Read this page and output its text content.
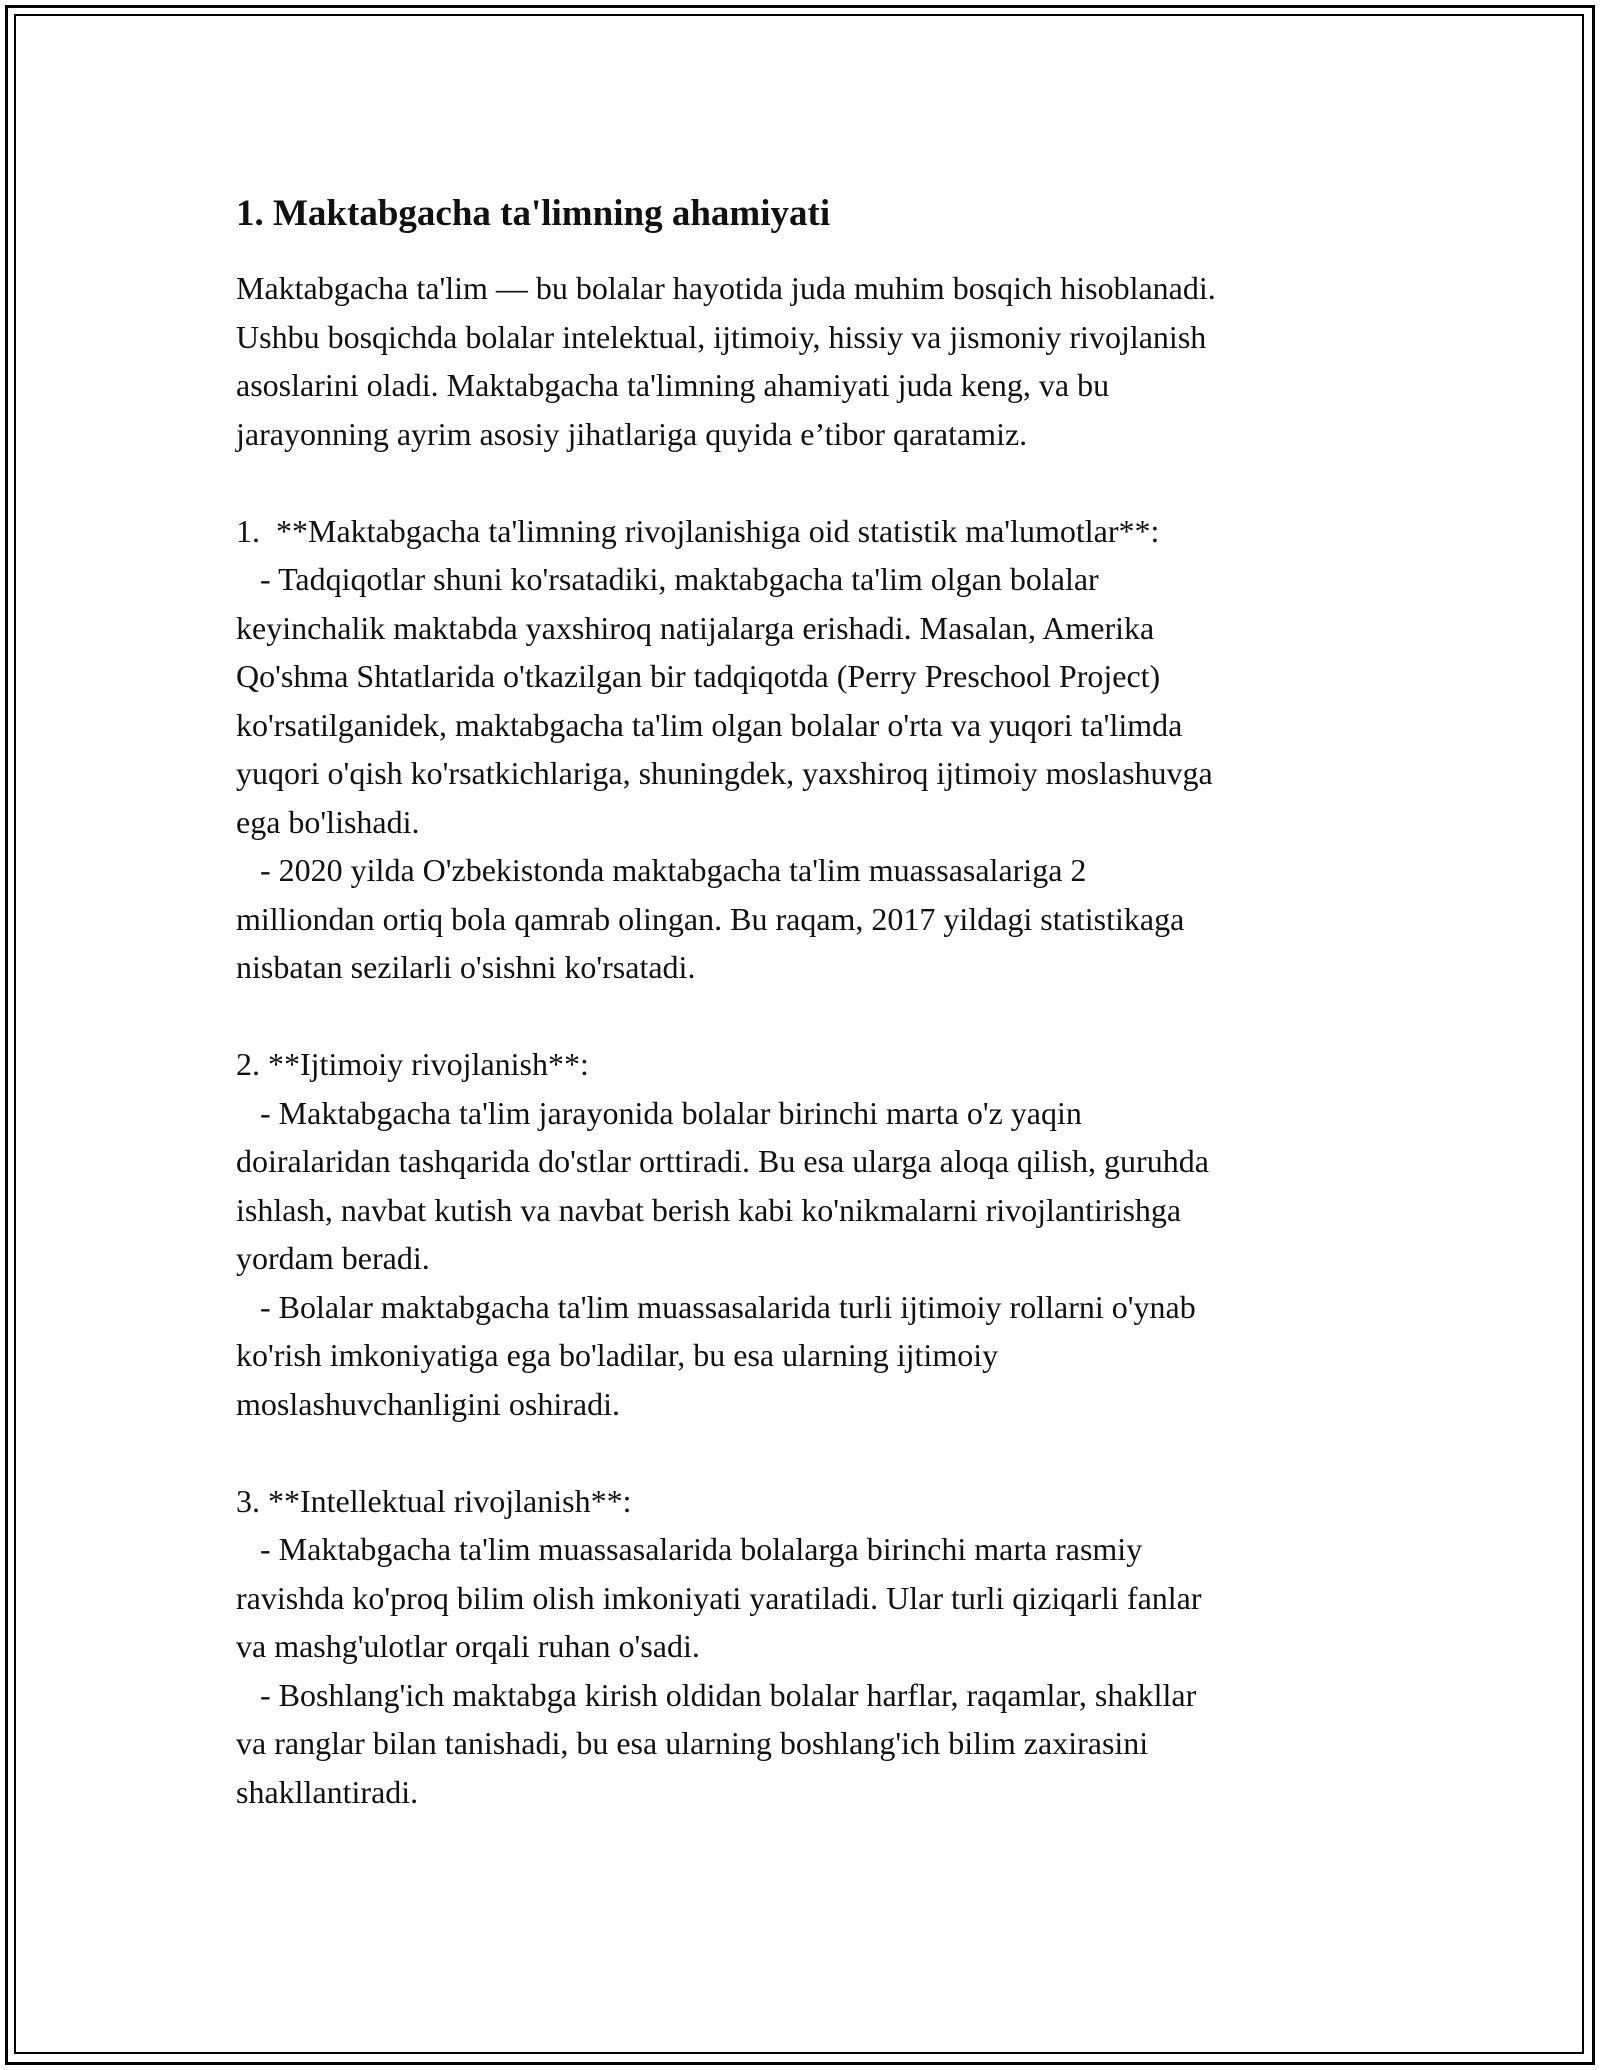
1. Maktabgacha ta'limning ahamiyati

Maktabgacha ta'lim — bu bolalar hayotida juda muhim bosqich hisoblanadi.
Ushbu bosqichda bolalar intelektual, ijtimoiy, hissiy va jismoniy rivojlanish
asoslarini oladi. Maktabgacha ta'limning ahamiyati juda keng, va bu
jarayonning ayrim asosiy jihatlariga quyida e’tibor qaratamiz.

1.  **Maktabgacha ta'limning rivojlanishiga oid statistik ma'lumotlar**:
- Tadqiqotlar shuni ko'rsatadiki, maktabgacha ta'lim olgan bolalar
keyinchalik maktabda yaxshiroq natijalarga erishadi. Masalan, Amerika
Qo'shma Shtatlarida o'tkazilgan bir tadqiqotda (Perry Preschool Project)
ko'rsatilganidek, maktabgacha ta'lim olgan bolalar o'rta va yuqori ta'limda
yuqori o'qish ko'rsatkichlariga, shuningdek, yaxshiroq ijtimoiy moslashuvga
ega bo'lishadi.
- 2020 yilda O'zbekistonda maktabgacha ta'lim muassasalariga 2
milliondan ortiq bola qamrab olingan. Bu raqam, 2017 yildagi statistikaga
nisbatan sezilarli o'sishni ko'rsatadi.

2. **Ijtimoiy rivojlanish**:
- Maktabgacha ta'lim jarayonida bolalar birinchi marta o'z yaqin
doiralaridan tashqarida do'stlar orttiradi. Bu esa ularga aloqa qilish, guruhda
ishlash, navbat kutish va navbat berish kabi ko'nikmalarni rivojlantirishga
yordam beradi.
- Bolalar maktabgacha ta'lim muassasalarida turli ijtimoiy rollarni o'ynab
ko'rish imkoniyatiga ega bo'ladilar, bu esa ularning ijtimoiy
moslashuvchanligini oshiradi.

3. **Intellektual rivojlanish**:
- Maktabgacha ta'lim muassasalarida bolalarga birinchi marta rasmiy
ravishda ko'proq bilim olish imkoniyati yaratiladi. Ular turli qiziqarli fanlar
va mashg'ulotlar orqali ruhan o'sadi.
- Boshlang'ich maktabga kirish oldidan bolalar harflar, raqamlar, shakllar
va ranglar bilan tanishadi, bu esa ularning boshlang'ich bilim zaxirasini
shakllantiradi.
